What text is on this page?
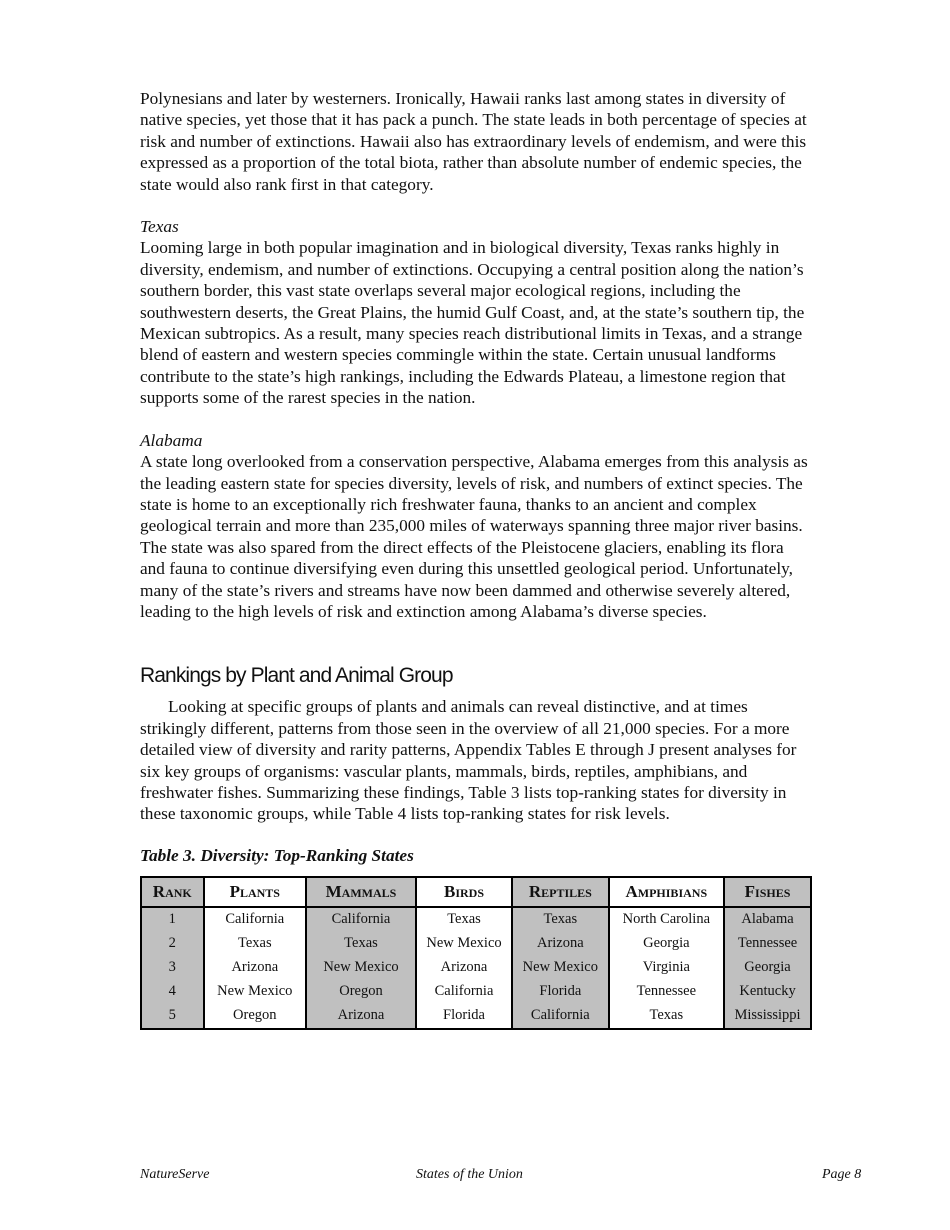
Polynesians and later by westerners. Ironically, Hawaii ranks last among states in diversity of native species, yet those that it has pack a punch. The state leads in both percentage of species at risk and number of extinctions. Hawaii also has extraordinary levels of endemism, and were this expressed as a proportion of the total biota, rather than absolute number of endemic species, the state would also rank first in that category.

Texas

Looming large in both popular imagination and in biological diversity, Texas ranks highly in diversity, endemism, and number of extinctions. Occupying a central position along the nation’s southern border, this vast state overlaps several major ecological regions, including the southwestern deserts, the Great Plains, the humid Gulf Coast, and, at the state’s southern tip, the Mexican subtropics. As a result, many species reach distributional limits in Texas, and a strange blend of eastern and western species commingle within the state. Certain unusual landforms contribute to the state’s high rankings, including the Edwards Plateau, a limestone region that supports some of the rarest species in the nation.

Alabama

A state long overlooked from a conservation perspective, Alabama emerges from this analysis as the leading eastern state for species diversity, levels of risk, and numbers of extinct species. The state is home to an exceptionally rich freshwater fauna, thanks to an ancient and complex geological terrain and more than 235,000 miles of waterways spanning three major river basins. The state was also spared from the direct effects of the Pleistocene glaciers, enabling its flora and fauna to continue diversifying even during this unsettled geological period. Unfortunately, many of the state’s rivers and streams have now been dammed and otherwise severely altered, leading to the high levels of risk and extinction among Alabama’s diverse species.

Rankings by Plant and Animal Group

Looking at specific groups of plants and animals can reveal distinctive, and at times strikingly different, patterns from those seen in the overview of all 21,000 species. For a more detailed view of diversity and rarity patterns, Appendix Tables E through J present analyses for six key groups of organisms: vascular plants, mammals, birds, reptiles, amphibians, and freshwater fishes. Summarizing these findings, Table 3 lists top-ranking states for diversity in these taxonomic groups, while Table 4 lists top-ranking states for risk levels.

Table 3. Diversity: Top-Ranking States

Rank	Plants	Mammals	Birds	Reptiles	Amphibians	Fishes
1	California	California	Texas	Texas	North Carolina	Alabama
2	Texas	Texas	New Mexico	Arizona	Georgia	Tennessee
3	Arizona	New Mexico	Arizona	New Mexico	Virginia	Georgia
4	New Mexico	Oregon	California	Florida	Tennessee	Kentucky
5	Oregon	Arizona	Florida	California	Texas	Mississippi
NatureServe	States of the Union	Page 8
